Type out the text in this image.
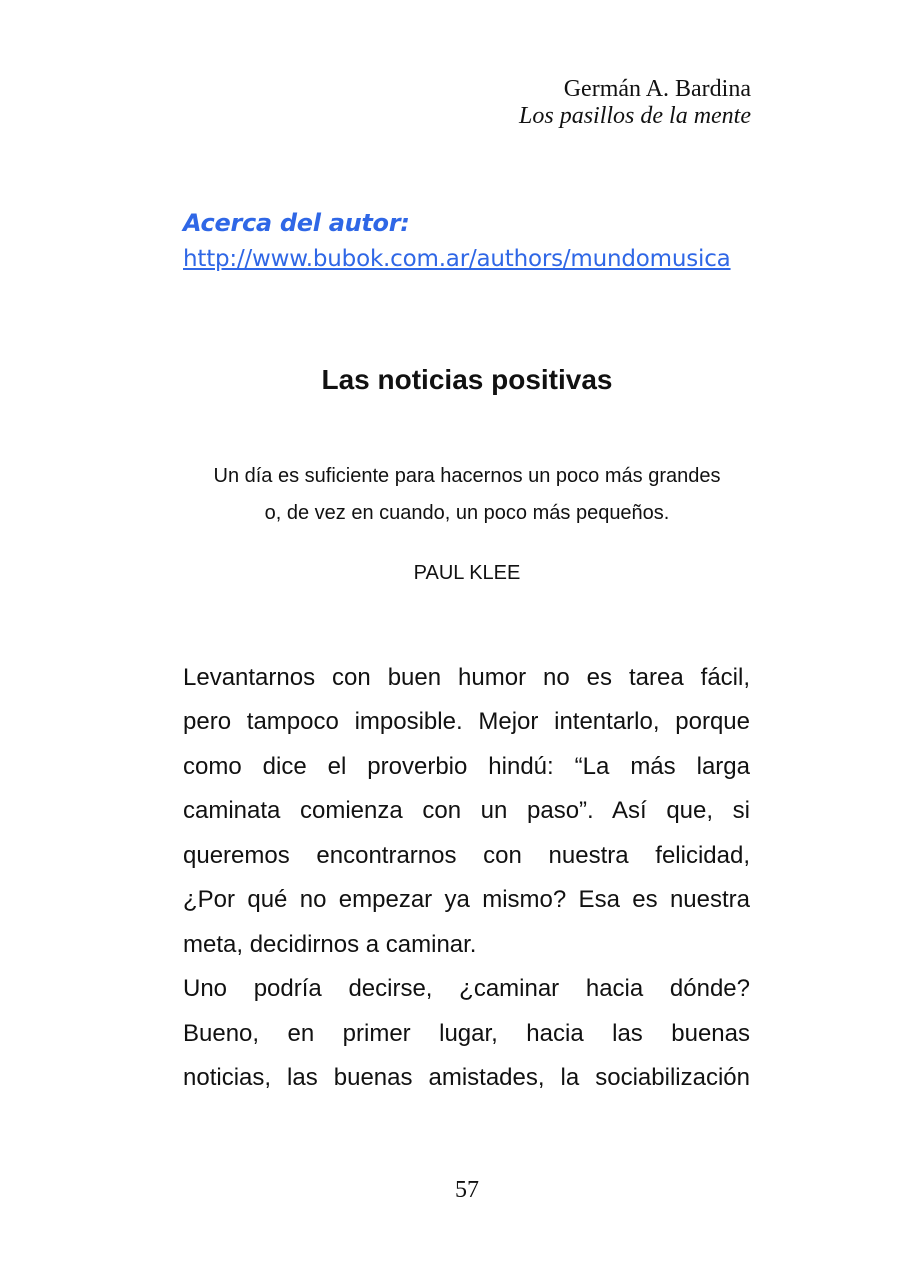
Germán A. Bardina
Los pasillos de la mente
Acerca del autor:
http://www.bubok.com.ar/authors/mundomusica
Las noticias positivas
Un día es suficiente para hacernos un poco más grandes
o, de vez en cuando, un poco más pequeños.
PAUL KLEE
Levantarnos con buen humor no es tarea fácil,
pero tampoco imposible. Mejor intentarlo, porque
como dice el proverbio hindú: “La más larga
caminata comienza con un paso”. Así que, si
queremos encontrarnos con nuestra felicidad,
¿Por qué no empezar ya mismo? Esa es nuestra
meta, decidirnos a caminar.
Uno podría decirse, ¿caminar hacia dónde?
Bueno, en primer lugar, hacia las buenas
noticias, las buenas amistades, la sociabilización
57
